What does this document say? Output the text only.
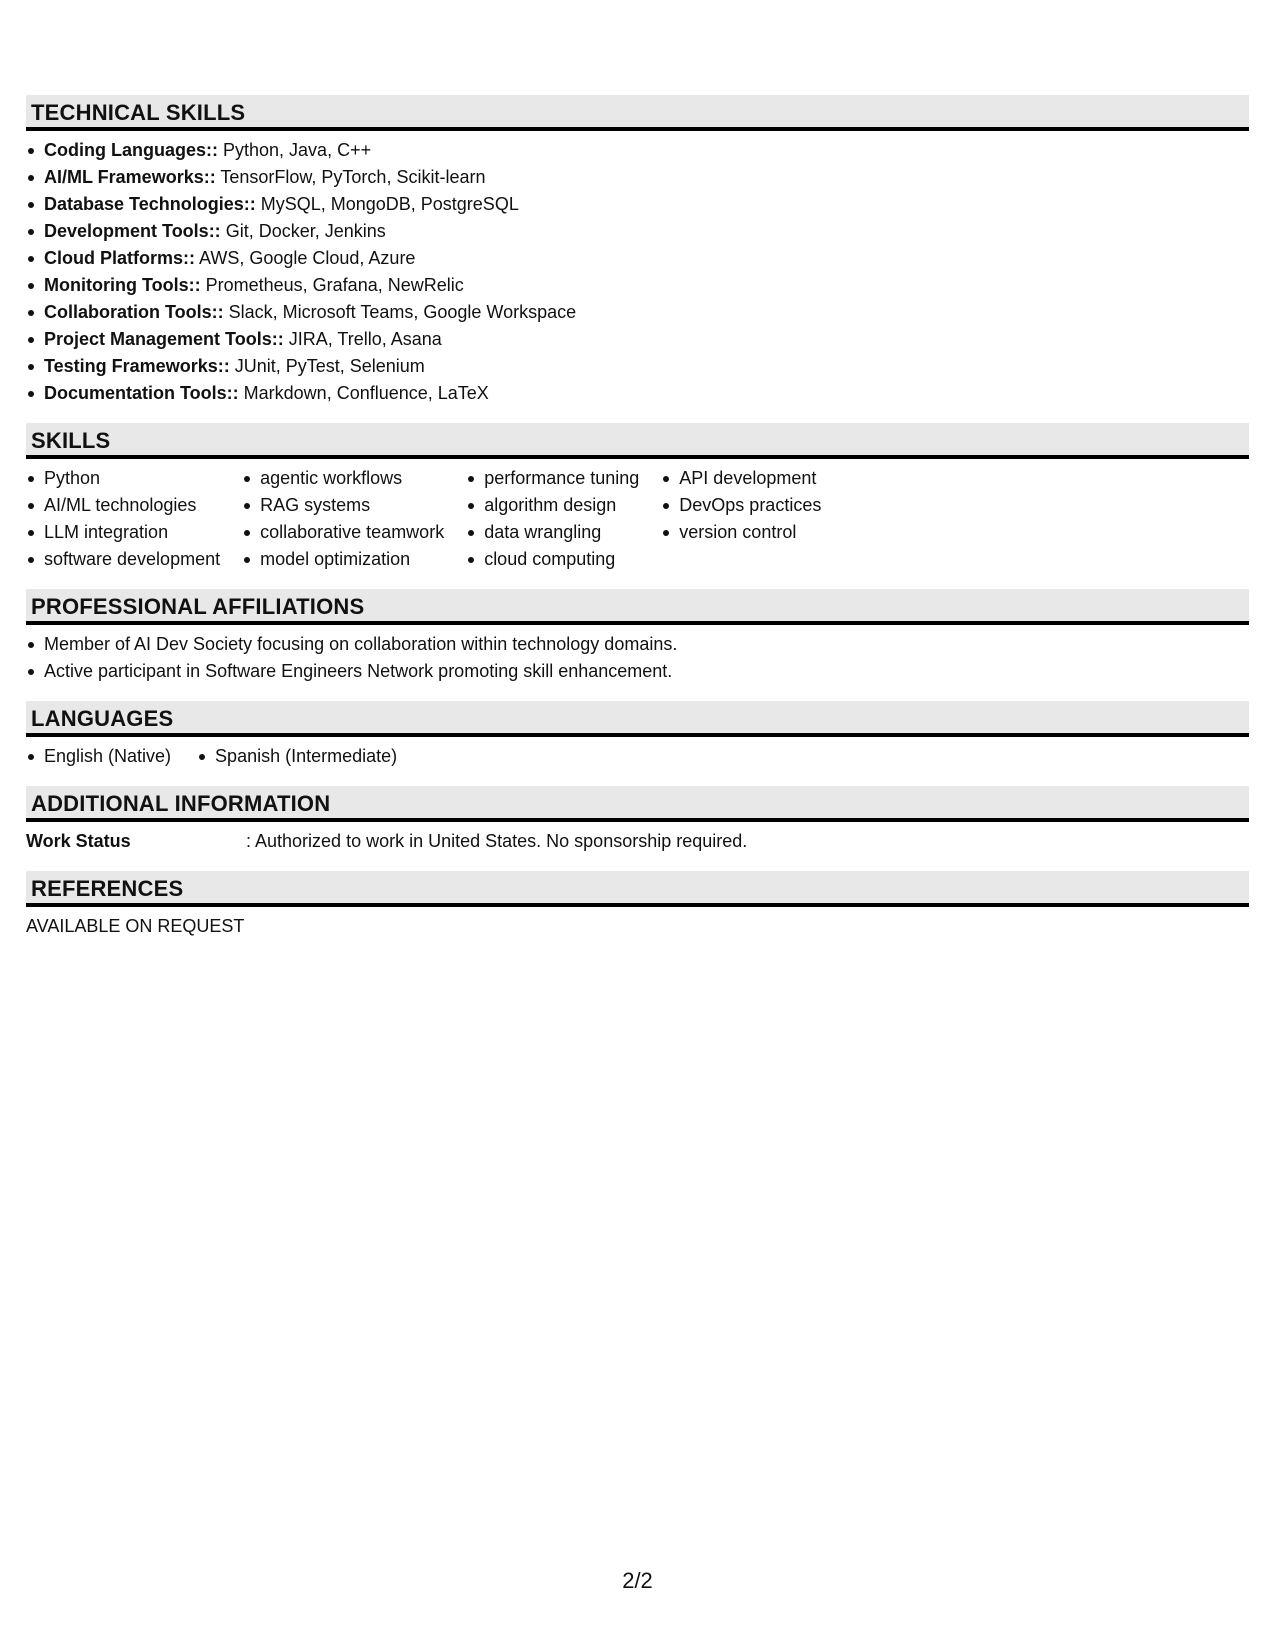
TECHNICAL SKILLS
Coding Languages:: Python, Java, C++
AI/ML Frameworks:: TensorFlow, PyTorch, Scikit-learn
Database Technologies:: MySQL, MongoDB, PostgreSQL
Development Tools:: Git, Docker, Jenkins
Cloud Platforms:: AWS, Google Cloud, Azure
Monitoring Tools:: Prometheus, Grafana, NewRelic
Collaboration Tools:: Slack, Microsoft Teams, Google Workspace
Project Management Tools:: JIRA, Trello, Asana
Testing Frameworks:: JUnit, PyTest, Selenium
Documentation Tools:: Markdown, Confluence, LaTeX
SKILLS
Python
AI/ML technologies
LLM integration
software development
agentic workflows
RAG systems
collaborative teamwork
model optimization
performance tuning
algorithm design
data wrangling
cloud computing
API development
DevOps practices
version control
PROFESSIONAL AFFILIATIONS
Member of AI Dev Society focusing on collaboration within technology domains.
Active participant in Software Engineers Network promoting skill enhancement.
LANGUAGES
English (Native)	Spanish (Intermediate)
ADDITIONAL INFORMATION
Work Status	: Authorized to work in United States. No sponsorship required.
REFERENCES
AVAILABLE ON REQUEST
2/2
